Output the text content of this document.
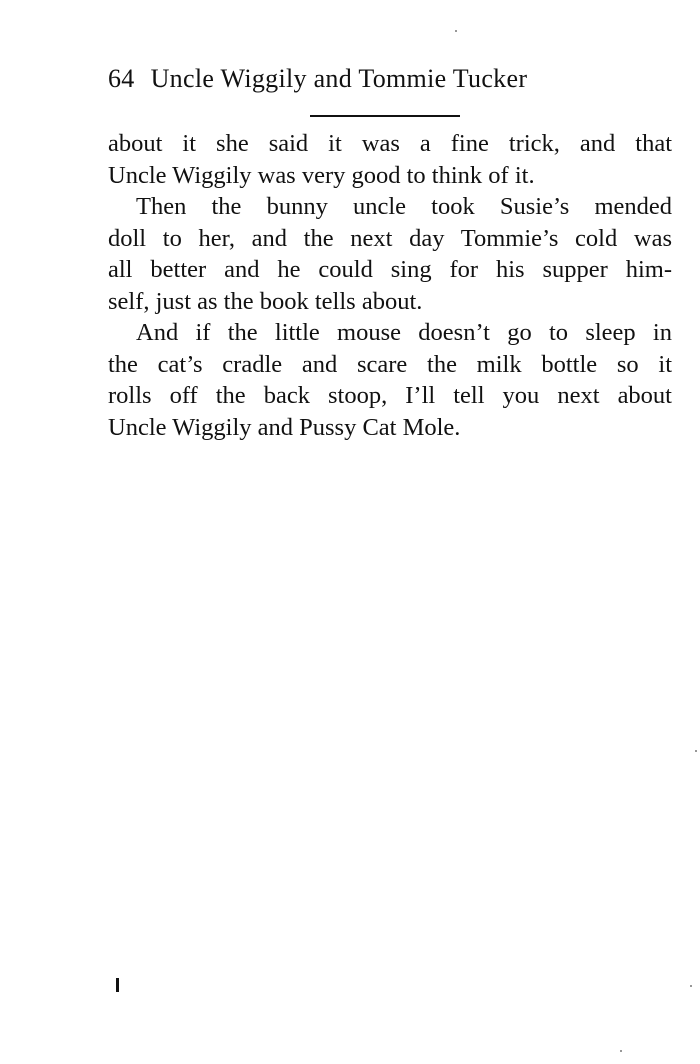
64 Uncle Wiggily and Tommie Tucker
about it she said it was a fine trick, and that
Uncle Wiggily was very good to think of it.
Then the bunny uncle took Susie’s mended
doll to her, and the next day Tommie’s cold was
all better and he could sing for his supper him-
self, just as the book tells about.
And if the little mouse doesn’t go to sleep in
the cat’s cradle and scare the milk bottle so it
rolls off the back stoop, I’ll tell you next about
Uncle Wiggily and Pussy Cat Mole.
